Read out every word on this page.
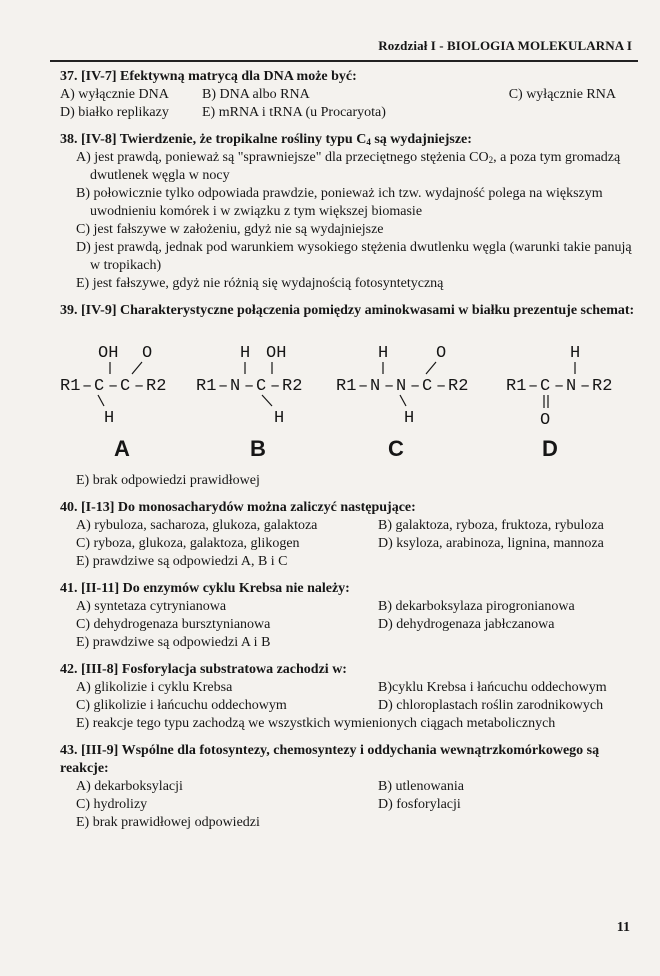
Rozdział I - BIOLOGIA MOLEKULARNA I
37. [IV-7] Efektywną matrycą dla DNA może być:
A) wyłącznie DNA	B) DNA albo RNA	C) wyłącznie RNA
D) białko replikazy	E) mRNA i tRNA (u Procaryota)
38. [IV-8] Twierdzenie, że tropikalne rośliny typu $C_4$ są wydajniejsze:
A) jest prawdą, ponieważ są "sprawniejsze" dla przeciętnego stężenia $CO_2$, a poza tym gromadzą dwutlenek węgla w nocy
B) połowicznie tylko odpowiada prawdzie, ponieważ ich tzw. wydajność polega na większym uwodnieniu komórek i w związku z tym większej biomasie
C) jest fałszywe w założeniu, gdyż nie są wydajniejsze
D) jest prawdą, jednak pod warunkiem wysokiego stężenia dwutlenku węgla (warunki takie panują w tropikach)
E) jest fałszywe, gdyż nie różnią się wydajnością fotosyntetyczną
39. [IV-9] Charakterystyczne połączenia pomiędzy aminokwasami w białku prezentuje schemat:
OH O
R1 – C – C – R2
H
A
H OH
R1 – N – C – R2
H
B
H	O
R1 – N – N – C – R2
H
C
H
R1 – C – N – R2
O
D
E) brak odpowiedzi prawidłowej
40. [I-13] Do monosacharydów można zaliczyć następujące:
A) rybuloza, sacharoza, glukoza, galaktoza	B) galaktoza, ryboza, fruktoza, rybuloza
C) ryboza, glukoza, galaktoza, glikogen	D) ksyloza, arabinoza, lignina, mannoza
E) prawdziwe są odpowiedzi A, B i C
41. [II-11] Do enzymów cyklu Krebsa nie należy:
A) syntetaza cytrynianowa	B) dekarboksylaza pirogronianowa
C) dehydrogenaza bursztynianowa	D) dehydrogenaza jabłczanowa
E) prawdziwe są odpowiedzi A i B
42. [III-8] Fosforylacja substratowa zachodzi w:
A) glikolizie i cyklu Krebsa	B)cyklu Krebsa i łańcuchu oddechowym
C) glikolizie i łańcuchu oddechowym	D) chloroplastach roślin zarodnikowych
E) reakcje tego typu zachodzą we wszystkich wymienionych ciągach metabolicznych
43. [III-9] Wspólne dla fotosyntezy, chemosyntezy i oddychania wewnątrzkomórkowego są reakcje:
A) dekarboksylacji	B) utlenowania
C) hydrolizy	D) fosforylacji
E) brak prawidłowej odpowiedzi
11
